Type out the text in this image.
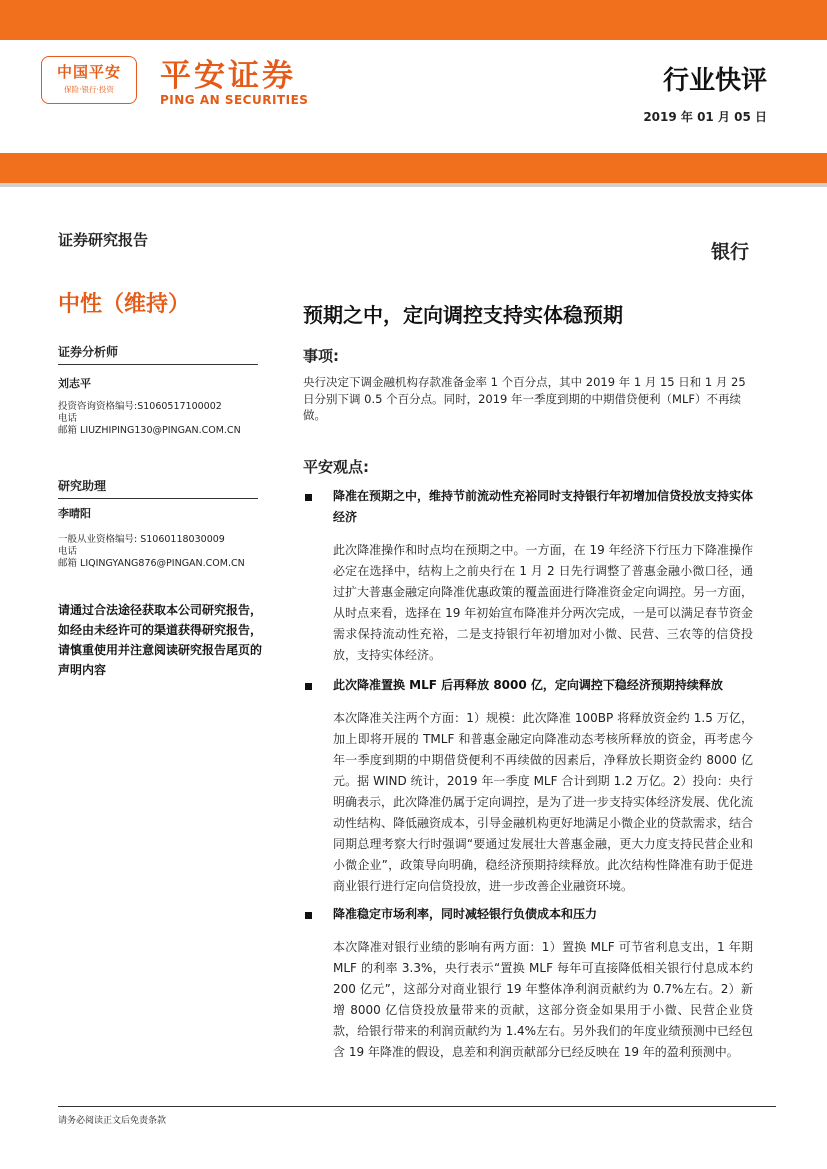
中国平安
保险·银行·投资	平安证券
PING AN SECURITIES
行业快评
2019 年 01 月 05 日
证券研究报告
银行
中性（维持）
证券分析师
刘志平
投资咨询资格编号:S1060517100002
电话
邮箱 LIUZHIPING130@PINGAN.COM.CN
研究助理
李晴阳
一般从业资格编号: S1060118030009
电话
邮箱 LIQINGYANG876@PINGAN.COM.CN
请通过合法途径获取本公司研究报告，如经由未经许可的渠道获得研究报告，请慎重使用并注意阅读研究报告尾页的声明内容
预期之中，定向调控支持实体稳预期
事项:
央行决定下调金融机构存款准备金率 1 个百分点，其中 2019 年 1 月 15 日和 1 月 25 日分别下调 0.5 个百分点。同时，2019 年一季度到期的中期借贷便利（MLF）不再续做。
平安观点:
降准在预期之中，维持节前流动性充裕同时支持银行年初增加信贷投放支持实体经济
此次降准操作和时点均在预期之中。一方面，在 19 年经济下行压力下降准操作必定在选择中，结构上之前央行在 1 月 2 日先行调整了普惠金融小微口径，通过扩大普惠金融定向降准优惠政策的覆盖面进行降准资金定向调控。另一方面，从时点来看，选择在 19 年初始宣布降准并分两次完成，一是可以满足春节资金需求保持流动性充裕，二是支持银行年初增加对小微、民营、三农等的信贷投放，支持实体经济。
此次降准置换 MLF 后再释放 8000 亿，定向调控下稳经济预期持续释放
本次降准关注两个方面：1）规模：此次降准 100BP 将释放资金约 1.5 万亿，加上即将开展的 TMLF 和普惠金融定向降准动态考核所释放的资金，再考虑今年一季度到期的中期借贷便利不再续做的因素后，净释放长期资金约 8000 亿元。据 WIND 统计，2019 年一季度 MLF 合计到期 1.2 万亿。2）投向：央行明确表示，此次降准仍属于定向调控，是为了进一步支持实体经济发展、优化流动性结构、降低融资成本，引导金融机构更好地满足小微企业的贷款需求，结合同期总理考察大行时强调“要通过发展壮大普惠金融，更大力度支持民营企业和小微企业”，政策导向明确，稳经济预期持续释放。此次结构性降准有助于促进商业银行进行定向信贷投放，进一步改善企业融资环境。
降准稳定市场利率，同时减轻银行负债成本和压力
本次降准对银行业绩的影响有两方面：1）置换 MLF 可节省利息支出，1 年期 MLF 的利率 3.3%，央行表示“置换 MLF 每年可直接降低相关银行付息成本约 200 亿元”，这部分对商业银行 19 年整体净利润贡献约为 0.7%左右。2）新增 8000 亿信贷投放量带来的贡献，这部分资金如果用于小微、民营企业贷款，给银行带来的利润贡献约为 1.4%左右。另外我们的年度业绩预测中已经包含 19 年降准的假设，息差和利润贡献部分已经反映在 19 年的盈利预测中。
请务必阅读正文后免责条款
